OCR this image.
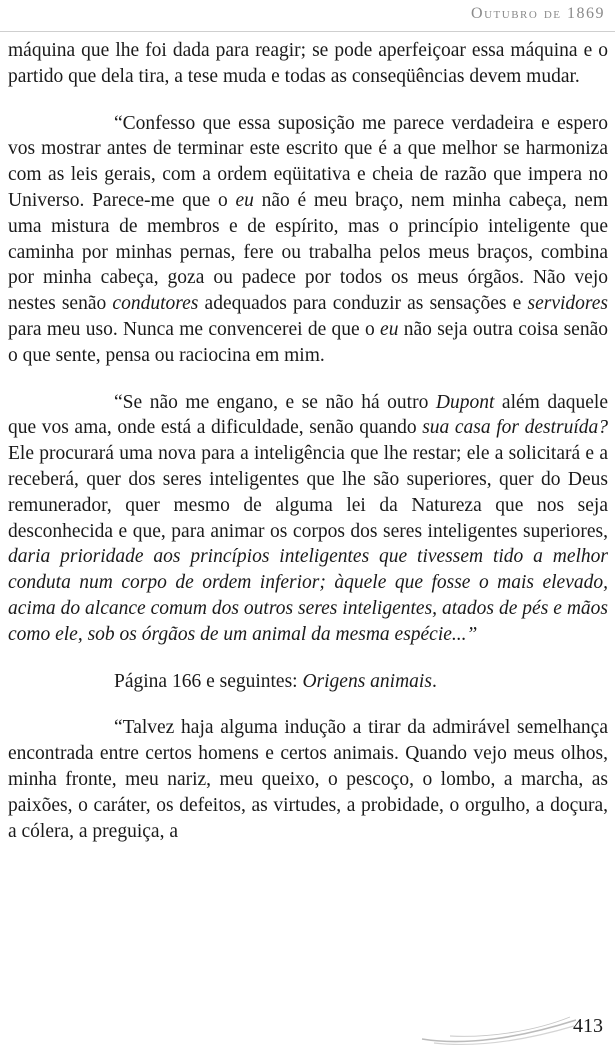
Outubro de 1869

máquina que lhe foi dada para reagir; se pode aperfeiçoar essa máquina e o partido que dela tira, a tese muda e todas as conseqüências devem mudar.

“Confesso que essa suposição me parece verdadeira e espero vos mostrar antes de terminar este escrito que é a que melhor se harmoniza com as leis gerais, com a ordem eqüitativa e cheia de razão que impera no Universo. Parece-me que o eu não é meu braço, nem minha cabeça, nem uma mistura de membros e de espírito, mas o princípio inteligente que caminha por minhas pernas, fere ou trabalha pelos meus braços, combina por minha cabeça, goza ou padece por todos os meus órgãos. Não vejo nestes senão condutores adequados para conduzir as sensações e servidores para meu uso. Nunca me convencerei de que o eu não seja outra coisa senão o que sente, pensa ou raciocina em mim.

“Se não me engano, e se não há outro Dupont além daquele que vos ama, onde está a dificuldade, senão quando sua casa for destruída? Ele procurará uma nova para a inteligência que lhe restar; ele a solicitará e a receberá, quer dos seres inteligentes que lhe são superiores, quer do Deus remunerador, quer mesmo de alguma lei da Natureza que nos seja desconhecida e que, para animar os corpos dos seres inteligentes superiores, daria prioridade aos princípios inteligentes que tivessem tido a melhor conduta num corpo de ordem inferior; àquele que fosse o mais elevado, acima do alcance comum dos outros seres inteligentes, atados de pés e mãos como ele, sob os órgãos de um animal da mesma espécie...”

Página 166 e seguintes: Origens animais.

“Talvez haja alguma indução a tirar da admirável semelhança encontrada entre certos homens e certos animais. Quando vejo meus olhos, minha fronte, meu nariz, meu queixo, o pescoço, o lombo, a marcha, as paixões, o caráter, os defeitos, as virtudes, a probidade, o orgulho, a doçura, a cólera, a preguiça, a

413
